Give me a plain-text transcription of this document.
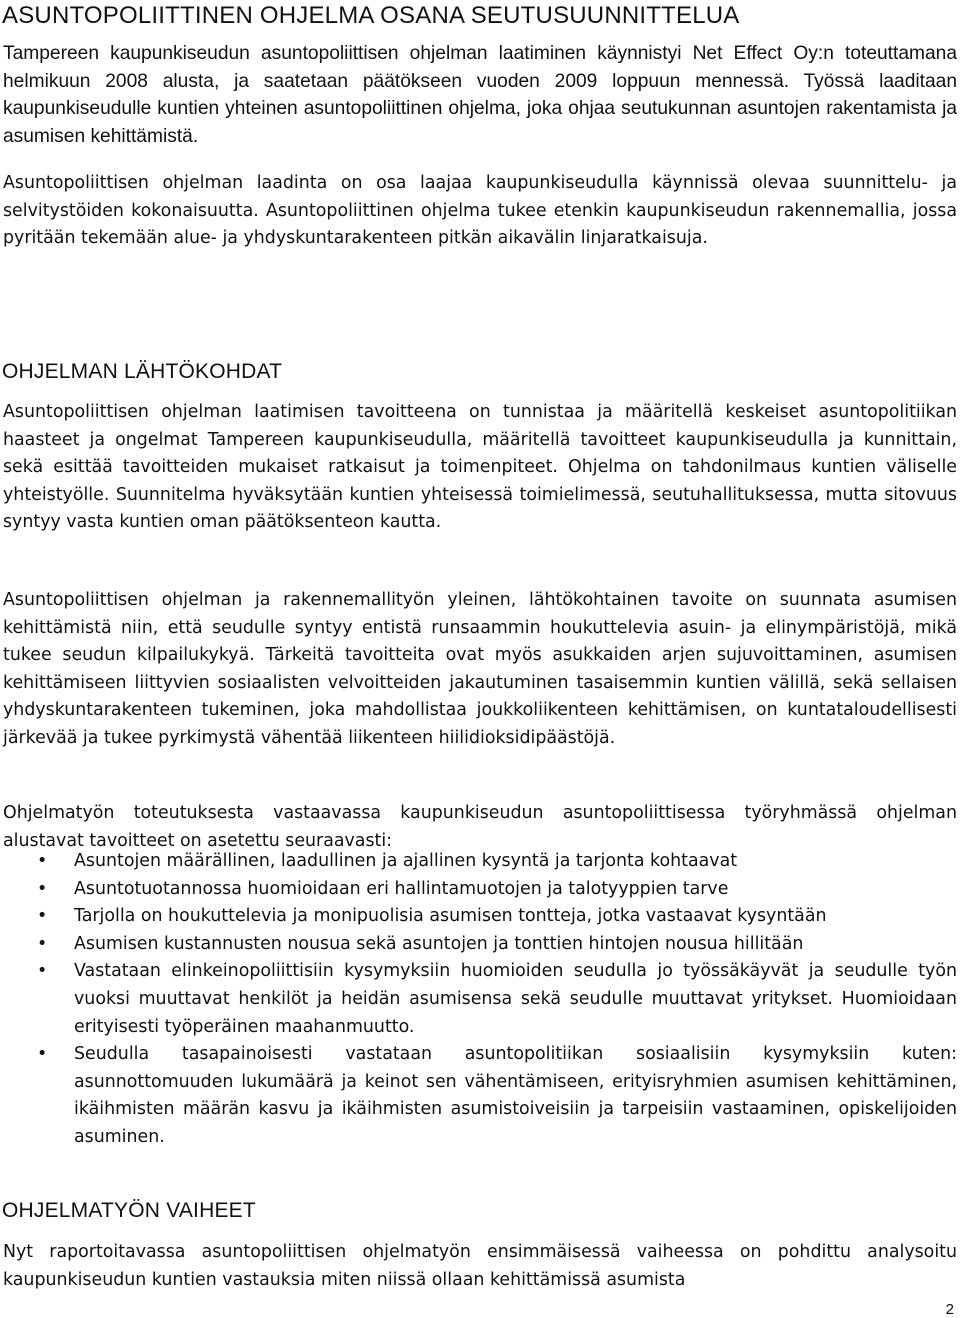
ASUNTOPOLIITTINEN OHJELMA OSANA SEUTUSUUNNITTELUA

Tampereen kaupunkiseudun asuntopoliittisen ohjelman laatiminen käynnistyi Net Effect Oy:n toteuttamana helmikuun 2008 alusta, ja saatetaan päätökseen vuoden 2009 loppuun mennessä. Työssä laaditaan kaupunkiseudulle kuntien yhteinen asuntopoliittinen ohjelma, joka ohjaa seutukunnan asuntojen rakentamista ja asumisen kehittämistä.

Asuntopoliittisen ohjelman laadinta on osa laajaa kaupunkiseudulla käynnissä olevaa suunnittelu- ja selvitystöiden kokonaisuutta. Asuntopoliittinen ohjelma tukee etenkin kaupunkiseudun rakennemallia, jossa pyritään tekemään alue- ja yhdyskuntarakenteen pitkän aikavälin linjaratkaisuja.

OHJELMAN LÄHTÖKOHDAT

Asuntopoliittisen ohjelman laatimisen tavoitteena on tunnistaa ja määritellä keskeiset asuntopolitiikan haasteet ja ongelmat Tampereen kaupunkiseudulla, määritellä tavoitteet kaupunkiseudulla ja kunnittain, sekä esittää tavoitteiden mukaiset ratkaisut ja toimenpiteet. Ohjelma on tahdonilmaus kuntien väliselle yhteistyölle. Suunnitelma hyväksytään kuntien yhteisessä toimielimessä, seutuhallituksessa, mutta sitovuus syntyy vasta kuntien oman päätöksenteon kautta.

Asuntopoliittisen ohjelman ja rakennemallityön yleinen, lähtökohtainen tavoite on suunnata asumisen kehittämistä niin, että seudulle syntyy entistä runsaammin houkuttelevia asuin- ja elinympäristöjä, mikä tukee seudun kilpailukykyä. Tärkeitä tavoitteita ovat myös asukkaiden arjen sujuvoittaminen, asumisen kehittämiseen liittyvien sosiaalisten velvoitteiden jakautuminen tasaisemmin kuntien välillä, sekä sellaisen yhdyskuntarakenteen tukeminen, joka mahdollistaa joukkoliikenteen kehittämisen, on kuntataloudellisesti järkevää ja tukee pyrkimystä vähentää liikenteen hiilidioksidipäästöjä.

Ohjelmatyön toteutuksesta vastaavassa kaupunkiseudun asuntopoliittisessa työryhmässä ohjelman alustavat tavoitteet on asetettu seuraavasti:

• Asuntojen määrällinen, laadullinen ja ajallinen kysyntä ja tarjonta kohtaavat
• Asuntotuotannossa huomioidaan eri hallintamuotojen ja talotyyppien tarve
• Tarjolla on houkuttelevia ja monipuolisia asumisen tontteja, jotka vastaavat kysyntään
• Asumisen kustannusten nousua sekä asuntojen ja tonttien hintojen nousua hillitään
• Vastataan elinkeinopoliittisiin kysymyksiin huomioiden seudulla jo työssäkäyvät ja seudulle työn vuoksi muuttavat henkilöt ja heidän asumisensa sekä seudulle muuttavat yritykset. Huomioidaan erityisesti työperäinen maahanmuutto.
• Seudulla tasapainoisesti vastataan asuntopolitiikan sosiaalisiin kysymyksiin kuten: asunnottomuuden lukumäärä ja keinot sen vähentämiseen, erityisryhmien asumisen kehittäminen, ikäihmisten määrän kasvu ja ikäihmisten asumistoiveisiin ja tarpeisiin vastaaminen, opiskelijoiden asuminen.
OHJELMATYÖN VAIHEET

Nyt raportoitavassa asuntopoliittisen ohjelmatyön ensimmäisessä vaiheessa on pohdittu analysoitu kaupunkiseudun kuntien vastauksia miten niissä ollaan kehittämissä asumista

2
